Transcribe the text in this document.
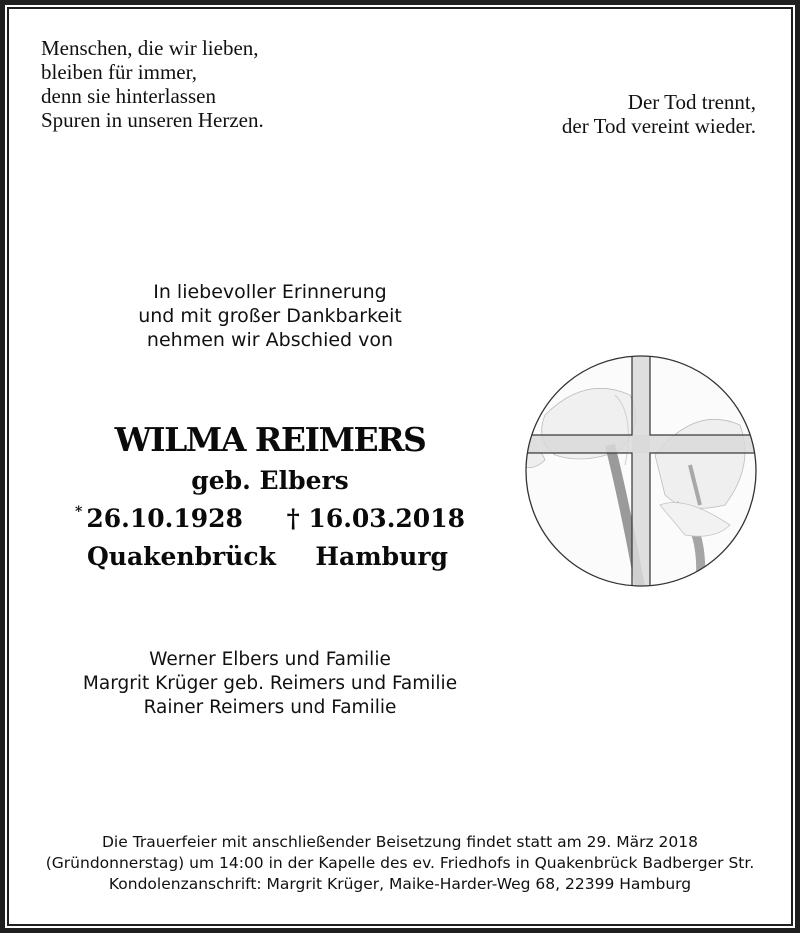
Menschen, die wir lieben,
bleiben für immer,
denn sie hinterlassen
Spuren in unseren Herzen.
Der Tod trennt,
der Tod vereint wieder.
In liebevoller Erinnerung
und mit großer Dankbarkeit
nehmen wir Abschied von
WILMA REIMERS
geb. Elbers
* 26.10.1928 † 16.03.2018
Quakenbrück Hamburg
Werner Elbers und Familie
Margrit Krüger geb. Reimers und Familie
Rainer Reimers und Familie
Die Trauerfeier mit anschließender Beisetzung findet statt am 29. März 2018
(Gründonnerstag) um 14:00 in der Kapelle des ev. Friedhofs in Quakenbrück Badberger Str.
Kondolenzanschrift: Margrit Krüger, Maike-Harder-Weg 68, 22399 Hamburg
